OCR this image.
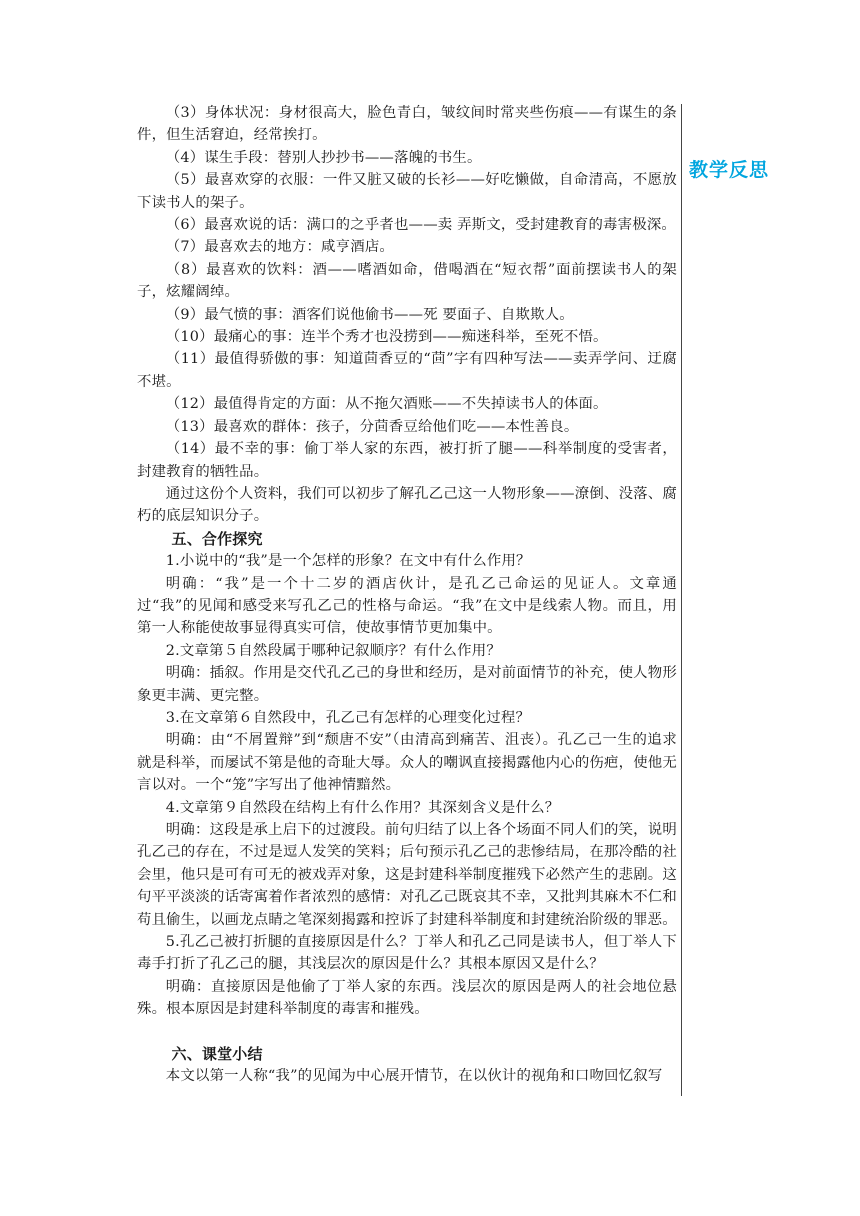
（3）身体状况：身材很高大，脸色青白，皱纹间时常夹些伤痕——有谋生的条件，但生活窘迫，经常挨打。

（4）谋生手段：替别人抄抄书——落魄的书生。

（5）最喜欢穿的衣服：一件又脏又破的长衫——好吃懒做，自命清高，不愿放下读书人的架子。

（6）最喜欢说的话：满口的之乎者也——卖 弄斯文，受封建教育的毒害极深。

（7）最喜欢去的地方：咸亨酒店。

（8）最喜欢的饮料：酒——嗜酒如命，借喝酒在“短衣帮”面前摆读书人的架子，炫耀阔绰。

（9）最气愤的事：酒客们说他偷书——死 要面子、自欺欺人。

（10）最痛心的事：连半个秀才也没捞到——痴迷科举，至死不悟。

（11）最值得骄傲的事：知道茴香豆的“茴”字有四种写法——卖弄学问、迂腐不堪。

（12）最值得肯定的方面：从不拖欠酒账——不失掉读书人的体面。

（13）最喜欢的群体：孩子，分茴香豆给他们吃——本性善良。

（14）最不幸的事：偷丁举人家的东西，被打折了腿——科举制度的受害者，封建教育的牺牲品。

通过这份个人资料，我们可以初步了解孔乙己这一人物形象——潦倒、没落、腐朽的底层知识分子。

五、合作探究

1.小说中的“我”是一个怎样的形象？在文中有什么作用？

明确：“我”是一个十二岁的酒店伙计，是孔乙己命运的见证人。文章通过“我”的见闻和感受来写孔乙己的性格与命运。“我”在文中是线索人物。而且，用第一人称能使故事显得真实可信，使故事情节更加集中。

2.文章第５自然段属于哪种记叙顺序？有什么作用？

明确：插叙。作用是交代孔乙己的身世和经历，是对前面情节的补充，使人物形象更丰满、更完整。

3.在文章第６自然段中，孔乙己有怎样的心理变化过程？

明确：由“不屑置辩”到“颓唐不安”（由清高到痛苦、沮丧）。孔乙己一生的追求就是科举，而屡试不第是他的奇耻大辱。众人的嘲讽直接揭露他内心的伤疤，使他无言以对。一个“笼”字写出了他神情黯然。

4.文章第９自然段在结构上有什么作用？其深刻含义是什么？

明确：这段是承上启下的过渡段。前句归结了以上各个场面不同人们的笑，说明孔乙己的存在，不过是逗人发笑的笑料；后句预示孔乙己的悲惨结局，在那冷酷的社会里，他只是可有可无的被戏弄对象，这是封建科举制度摧残下必然产生的悲剧。这句平平淡淡的话寄寓着作者浓烈的感情：对孔乙己既哀其不幸，又批判其麻木不仁和苟且偷生，以画龙点睛之笔深刻揭露和控诉了封建科举制度和封建统治阶级的罪恶。

5.孔乙己被打折腿的直接原因是什么？丁举人和孔乙己同是读书人，但丁举人下毒手打折了孔乙己的腿，其浅层次的原因是什么？其根本原因又是什么？

明确：直接原因是他偷了丁举人家的东西。浅层次的原因是两人的社会地位悬殊。根本原因是封建科举制度的毒害和摧残。

六、课堂小结

本文以第一人称“我”的见闻为中心展开情节，在以伙计的视角和口吻回忆叙写

教学反思
